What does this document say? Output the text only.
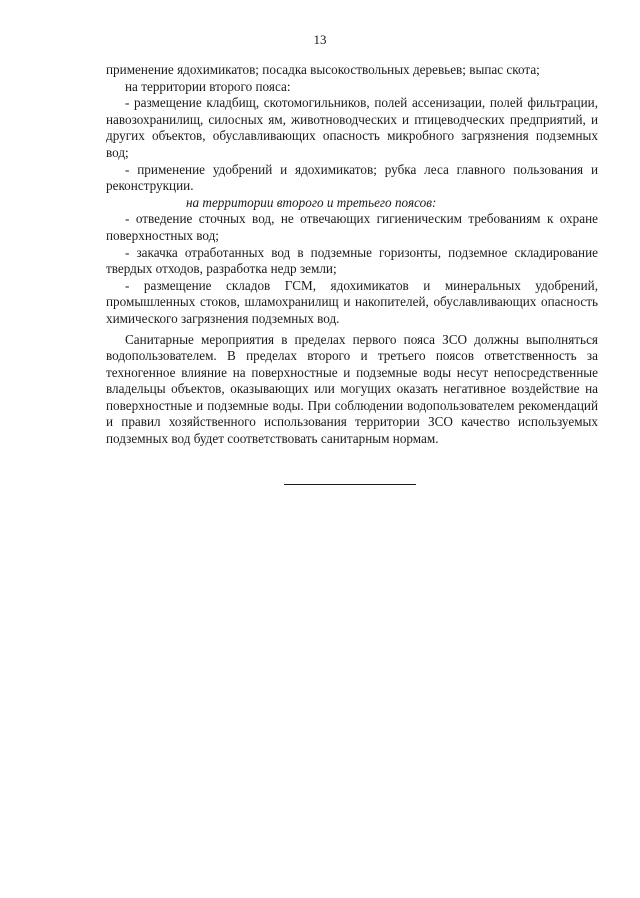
13

применение ядохимикатов; посадка высокоствольных деревьев; выпас скота;

на территории второго пояса:

- размещение кладбищ, скотомогильников, полей ассенизации, полей фильтрации, навозохранилищ, силосных ям, животноводческих и птицеводческих предприятий, и других объектов, обуславливающих опасность микробного загрязнения подземных вод;

- применение удобрений и ядохимикатов; рубка леса главного пользования и реконструкции.

на территории второго и третьего поясов:

- отведение сточных вод, не отвечающих гигиеническим требованиям к охране поверхностных вод;

- закачка отработанных вод в подземные горизонты, подземное складирование твердых отходов, разработка недр земли;

- размещение складов ГСМ, ядохимикатов и минеральных удобрений, промышленных стоков, шламохранилищ и накопителей, обуславливающих опасность химического загрязнения подземных вод.

Санитарные мероприятия в пределах первого пояса ЗСО должны выполняться водопользователем. В пределах второго и третьего поясов ответственность за техногенное влияние на поверхностные и подземные воды несут непосредственные владельцы объектов, оказывающих или могущих оказать негативное воздействие на поверхностные и подземные воды. При соблюдении водопользователем рекомендаций и правил хозяйственного использования территории ЗСО качество используемых подземных вод будет соответствовать санитарным нормам.
